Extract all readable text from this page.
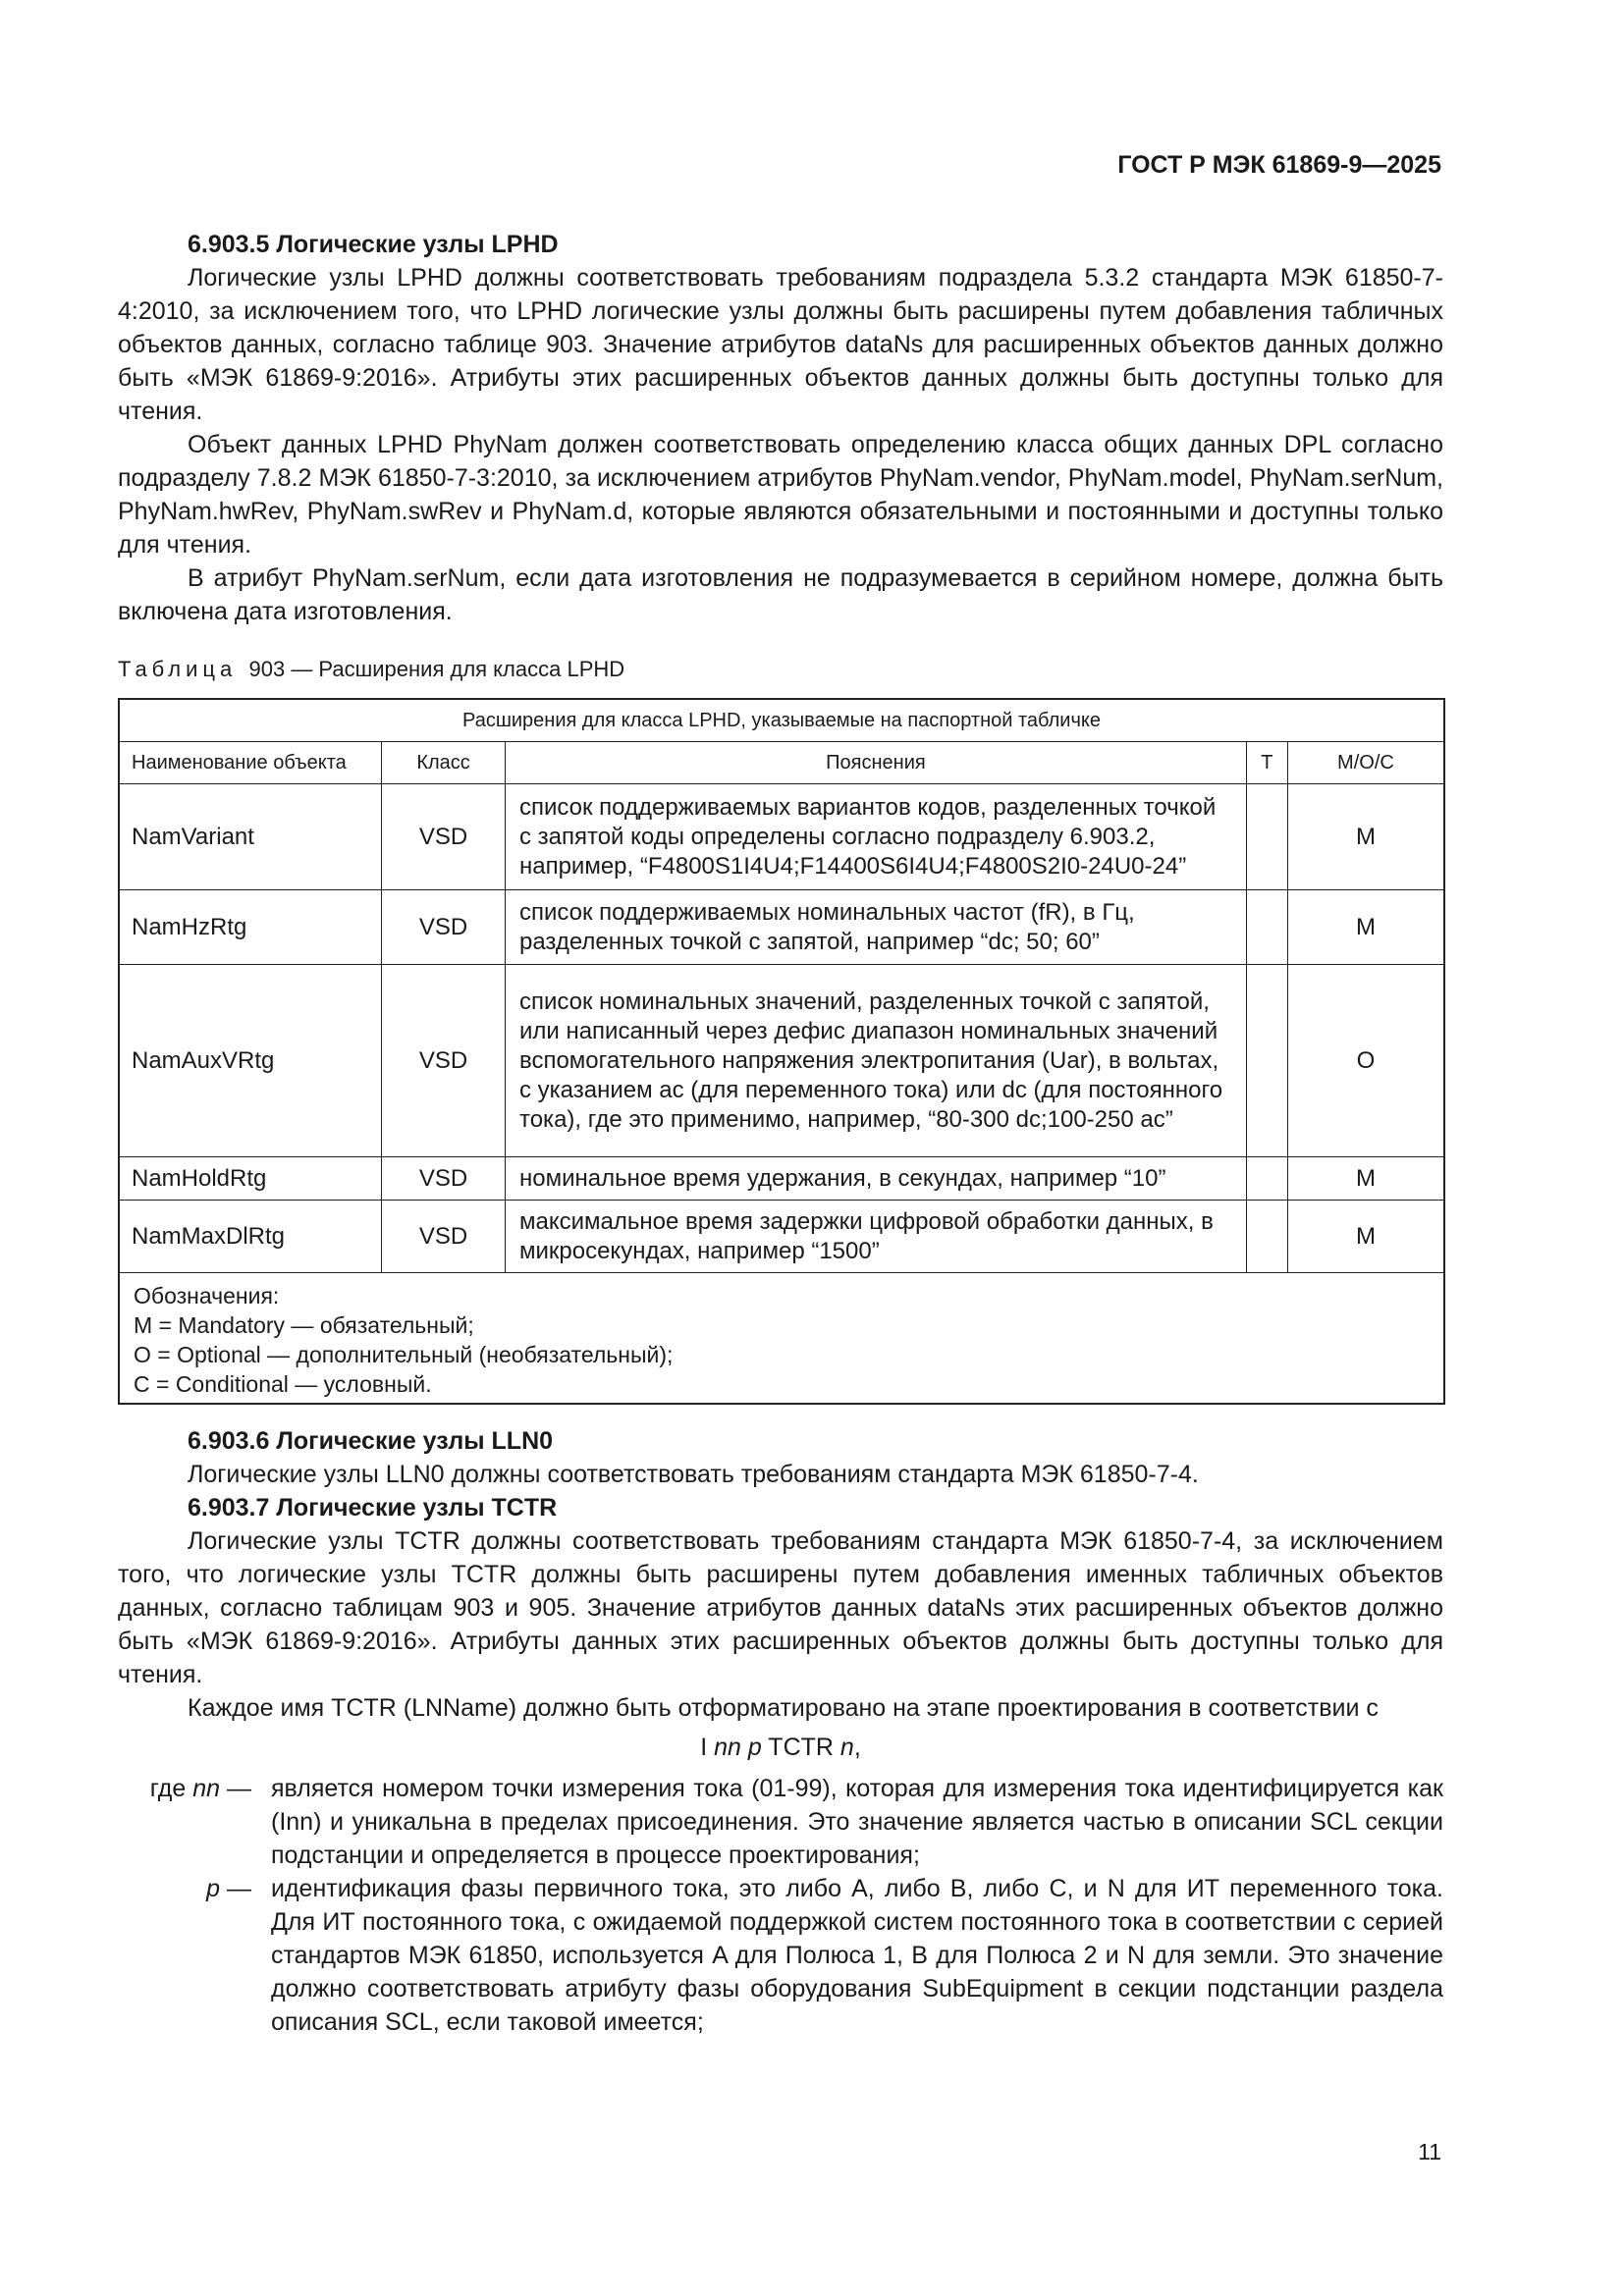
ГОСТ Р МЭК 61869-9—2025
6.903.5 Логические узлы LPHD

Логические узлы LPHD должны соответствовать требованиям подраздела 5.3.2 стандарта МЭК 61850-7-4:2010, за исключением того, что LPHD логические узлы должны быть расширены путем добавления табличных объектов данных, согласно таблице 903. Значение атрибутов dataNs для расширенных объектов данных должно быть «МЭК 61869-9:2016». Атрибуты этих расширенных объектов данных должны быть доступны только для чтения.

Объект данных LPHD PhyNam должен соответствовать определению класса общих данных DPL согласно подразделу 7.8.2 МЭК 61850-7-3:2010, за исключением атрибутов PhyNam.vendor, PhyNam.model, PhyNam.serNum, PhyNam.hwRev, PhyNam.swRev и PhyNam.d, которые являются обязательными и постоянными и доступны только для чтения.

В атрибут PhyNam.serNum, если дата изготовления не подразумевается в серийном номере, должна быть включена дата изготовления.

Таблица 903 — Расширения для класса LPHD
Расширения для класса LPHD, указываемые на паспортной табличке				
Наименование объекта	Класс	Пояснения	Т	М/О/С
NamVariant	VSD	список поддерживаемых вариантов кодов, разделенных точкой с запятой коды определены согласно подразделу 6.903.2, например, “F4800S1I4U4;F14400S6I4U4;F4800S2I0-24U0-24”		M
NamHzRtg	VSD	список поддерживаемых номинальных частот (fR), в Гц, разделенных точкой с запятой, например “dc; 50; 60”		M
NamAuxVRtg	VSD	список номинальных значений, разделенных точкой с запятой, или написанный через дефис диапазон номинальных значений вспомогательного напряжения электропитания (Uar), в вольтах, с указанием ac (для переменного тока) или dc (для постоянного тока), где это применимо, например, “80-300 dc;100-250 ac”		O
NamHoldRtg	VSD	номинальное время удержания, в секундах, например “10”		M
NamMaxDlRtg	VSD	максимальное время задержки цифровой обработки данных, в микросекундах, например “1500”		M

Обозначения:
M = Mandatory — обязательный;
O = Optional — дополнительный (необязательный);
C = Conditional — условный.				
6.903.6 Логические узлы LLN0

Логические узлы LLN0 должны соответствовать требованиям стандарта МЭК 61850-7-4.

6.903.7 Логические узлы TCTR

Логические узлы TCTR должны соответствовать требованиям стандарта МЭК 61850-7-4, за исключением того, что логические узлы TCTR должны быть расширены путем добавления именных табличных объектов данных, согласно таблицам 903 и 905. Значение атрибутов данных dataNs этих расширенных объектов должно быть «МЭК 61869-9:2016». Атрибуты данных этих расширенных объектов должны быть доступны только для чтения.

Каждое имя TCTR (LNName) должно быть отформатировано на этапе проектирования в соответствии с

I nn p TCTR n,
где nn — является номером точки измерения тока (01-99), которая для измерения тока идентифицируется как (Inn) и уникальна в пределах присоединения. Это значение является частью в описании SCL секции подстанции и определяется в процессе проектирования;
p — идентификация фазы первичного тока, это либо A, либо B, либо C, и N для ИТ переменного тока. Для ИТ постоянного тока, с ожидаемой поддержкой систем постоянного тока в соответствии с серией стандартов МЭК 61850, используется A для Полюса 1, B для Полюса 2 и N для земли. Это значение должно соответствовать атрибуту фазы оборудования SubEquipment в секции подстанции раздела описания SCL, если таковой имеется;
11
